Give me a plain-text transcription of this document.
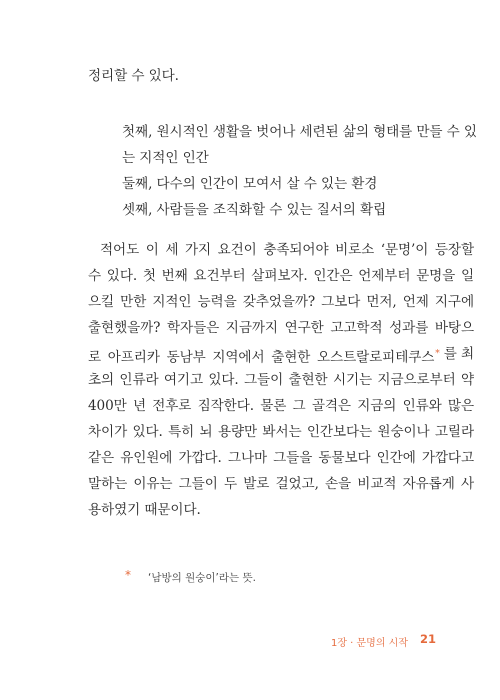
정리할 수 있다.
첫째, 원시적인 생활을 벗어나 세련된 삶의 형태를 만들 수 있
는 지적인 인간
둘째, 다수의 인간이 모여서 살 수 있는 환경
셋째, 사람들을 조직화할 수 있는 질서의 확립
적어도 이 세 가지 요건이 충족되어야 비로소 ‘문명’이 등장할
수 있다. 첫 번째 요건부터 살펴보자. 인간은 언제부터 문명을 일
으킬 만한 지적인 능력을 갖추었을까? 그보다 먼저, 언제 지구에
출현했을까? 학자들은 지금까지 연구한 고고학적 성과를 바탕으
로 아프리카 동남부 지역에서 출현한 오스트랄로피테쿠스* 를 최
초의 인류라 여기고 있다. 그들이 출현한 시기는 지금으로부터 약
400만 년 전후로 짐작한다. 물론 그 골격은 지금의 인류와 많은
차이가 있다. 특히 뇌 용량만 봐서는 인간보다는 원숭이나 고릴라
같은 유인원에 가깝다. 그나마 그들을 동물보다 인간에 가깝다고
말하는 이유는 그들이 두 발로 걸었고, 손을 비교적 자유롭게 사
용하였기 때문이다.
* ‘남방의 원숭이’라는 뜻.
1장 · 문명의 시작 21
